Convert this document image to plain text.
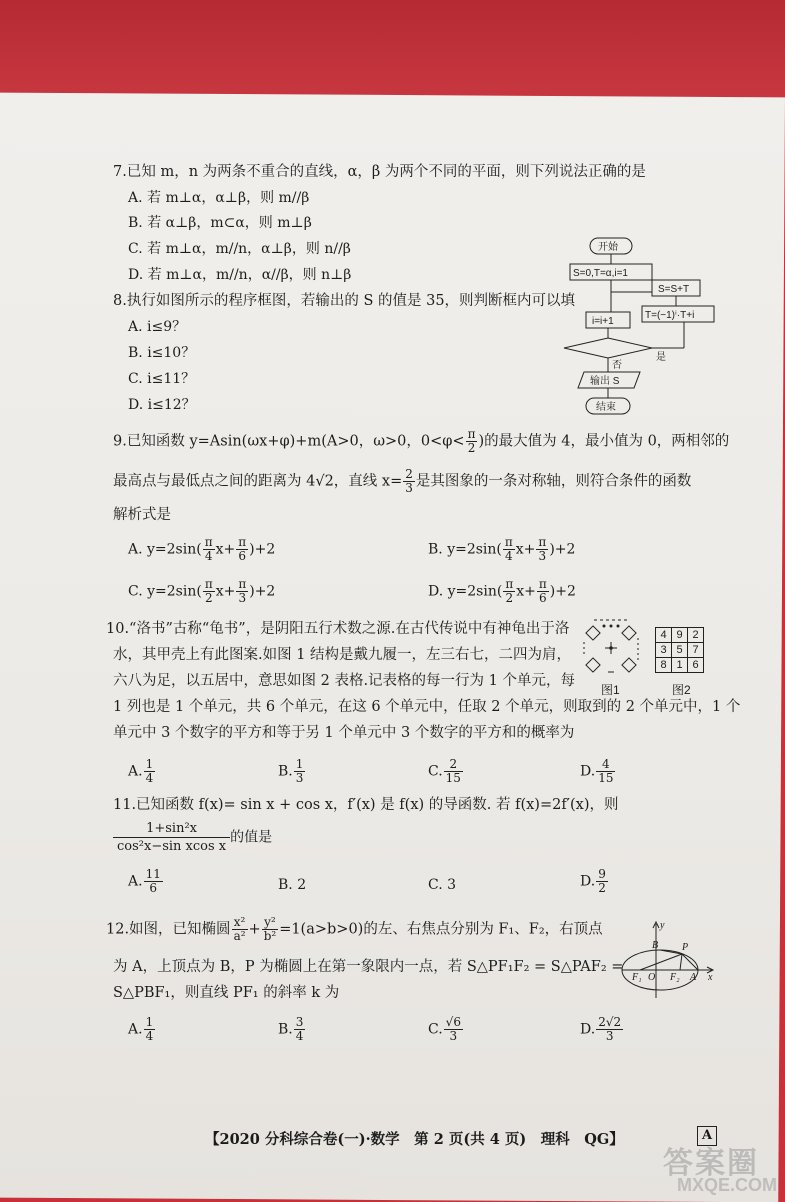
7.已知 m，n 为两条不重合的直线，α，β 为两个不同的平面，则下列说法正确的是
A. 若 m⊥α，α⊥β，则 m//β
B. 若 α⊥β，m⊂α，则 m⊥β
C. 若 m⊥α，m//n，α⊥β，则 n//β
D. 若 m⊥α，m//n，α//β，则 n⊥β
8.执行如图所示的程序框图，若输出的 S 的值是 35，则判断框内可以填
A. i≤9？
B. i≤10？
C. i≤11？
D. i≤12？
开始
S=0,T=α,i=1
S=S+T
T=(−1)ⁱ·T+i
i=i+1
否
是
输出 S
结束
9.已知函数 y=Asin(ωx+φ)+m(A>0，ω>0，$0<\varphi< \frac{\pi}{2}$ )的最大值为 4，最小值为 0，两相邻的
最高点与最低点之间的距离为 4√2，直线 $x= \frac{2}{3}$ 是其图象的一条对称轴，则符合条件的函数
解析式是
A. $y=2\sin( \frac{\pi}{4} x+ \frac{\pi}{6} )+2$	B. $y=2\sin( \frac{\pi}{4} x+ \frac{\pi}{3} )+2$
C. $y=2\sin( \frac{\pi}{2} x+ \frac{\pi}{3} )+2$	D. $y=2\sin( \frac{\pi}{2} x+ \frac{\pi}{6} )+2$
10.“洛书”古称“龟书”，是阴阳五行术数之源.在古代传说中有神龟出于洛
水，其甲壳上有此图案.如图 1 结构是戴九履一，左三右七，二四为肩，
六八为足，以五居中，意思如图 2 表格.记表格的每一行为 1 个单元，每
1 列也是 1 个单元，共 6 个单元，在这 6 个单元中，任取 2 个单元，则取到的 2 个单元中，1 个
单元中 3 个数字的平方和等于另 1 个单元中 3 个数字的平方和的概率为
图1
4	9	2
3	5	7
8	1	6
图2
A. $\frac{1}{4}$	B. $\frac{1}{3}$	C. $\frac{2}{15}$	D. $\frac{4}{15}$
11.已知函数 f(x)= sin x + cos x，f′(x) 是 f(x) 的导函数. 若 f(x)=2f′(x)，则
$\frac{\text{1+sin²x}}{\text{cos²x−sin xcos x}}$ 的值是
A. $\frac{11}{6}$	B. 2	C. 3	D. $\frac{9}{2}$
12.如图，已知椭圆 $\frac{\text{x²}}{\text{a²}} + \frac{\text{y²}}{\text{b²}} =1(a>b>0)$的左、右焦点分别为 F₁、F₂，右顶点
为 A，上顶点为 B，P 为椭圆上在第一象限内一点，若 S△PF₁F₂ = S△PAF₂ =
S△PBF₁，则直线 PF₁ 的斜率 k 为
y
x
B P
F₁ O F₂ A
A. $\frac{1}{4}$	B. $\frac{3}{4}$	C. $\frac{√6}{3}$	D. $\frac{2√2}{3}$
【2020 分科综合卷(一)·数学　第 2 页(共 4 页)　理科　QG】	A
答案圈
MXQE.COM
